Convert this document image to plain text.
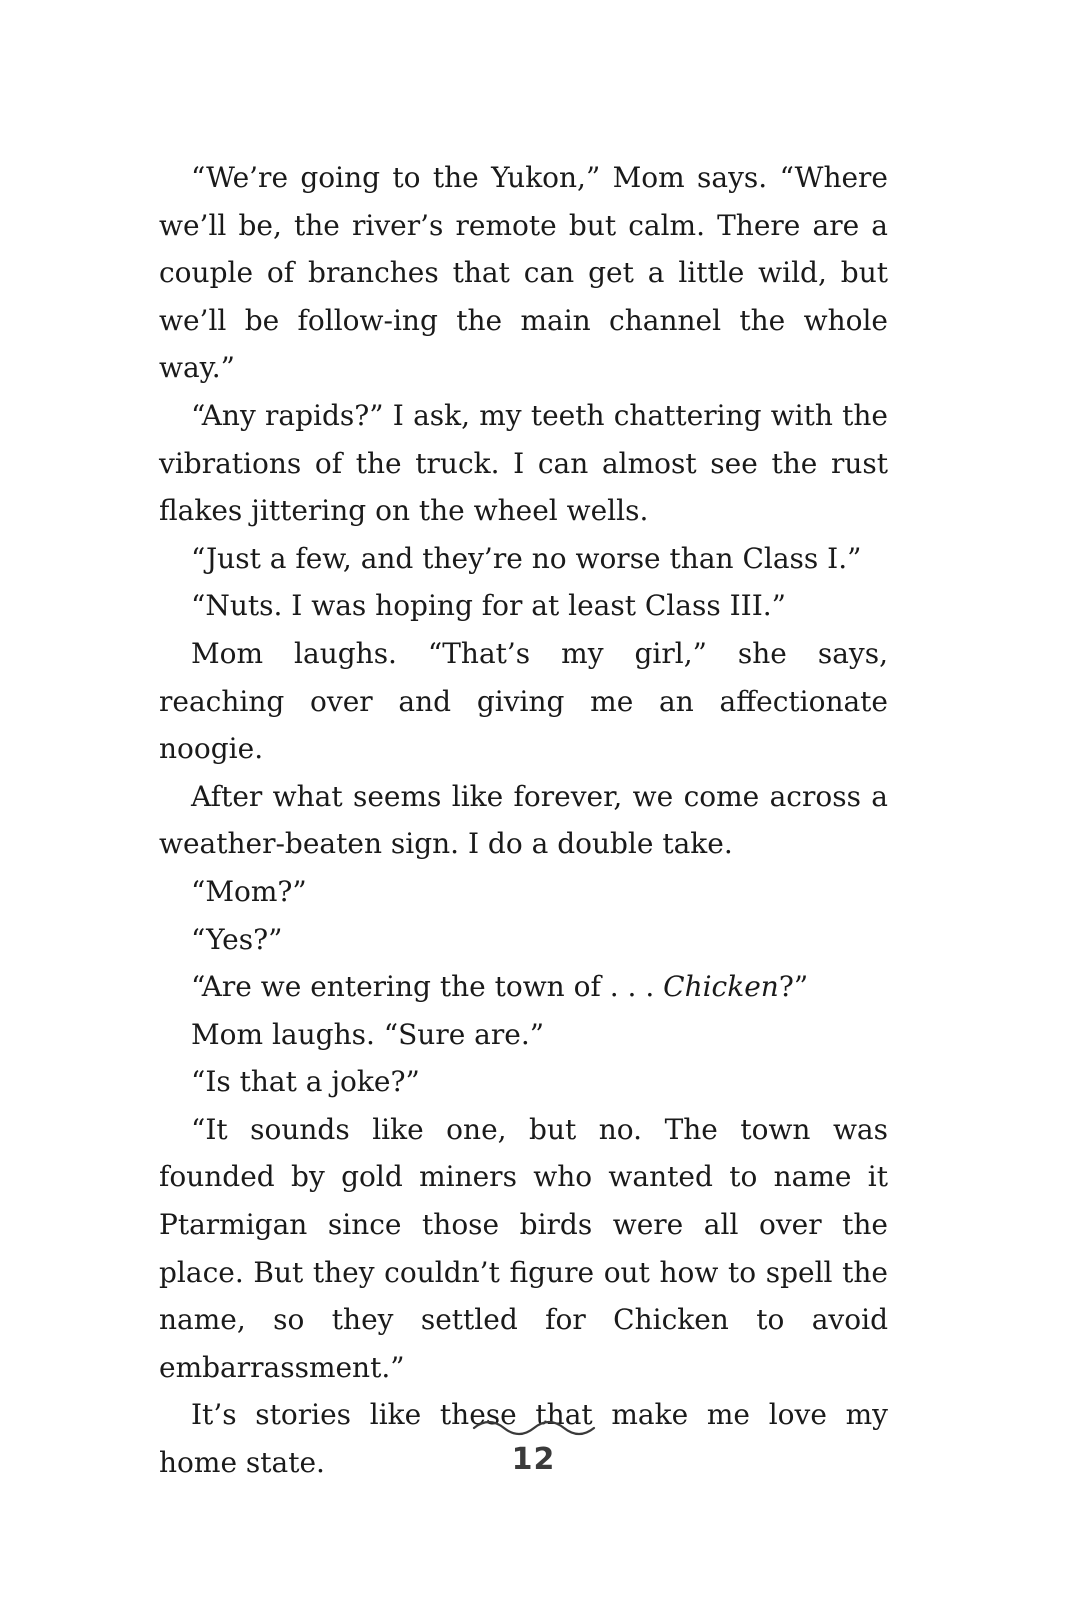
“We’re going to the Yukon,” Mom says. “Where we’ll be, the river’s remote but calm. There are a couple of branches that can get a little wild, but we’ll be follow-ing the main channel the whole way.”

“Any rapids?” I ask, my teeth chattering with the vibrations of the truck. I can almost see the rust flakes jittering on the wheel wells.

“Just a few, and they’re no worse than Class I.”

“Nuts. I was hoping for at least Class III.”

Mom laughs. “That’s my girl,” she says, reaching over and giving me an affectionate noogie.

After what seems like forever, we come across a weather-beaten sign. I do a double take.

“Mom?”

“Yes?”

“Are we entering the town of . . . Chicken?”

Mom laughs. “Sure are.”

“Is that a joke?”

“It sounds like one, but no. The town was founded by gold miners who wanted to name it Ptarmigan since those birds were all over the place. But they couldn’t figure out how to spell the name, so they settled for Chicken to avoid embarrassment.”

It’s stories like these that make me love my home state.	12
